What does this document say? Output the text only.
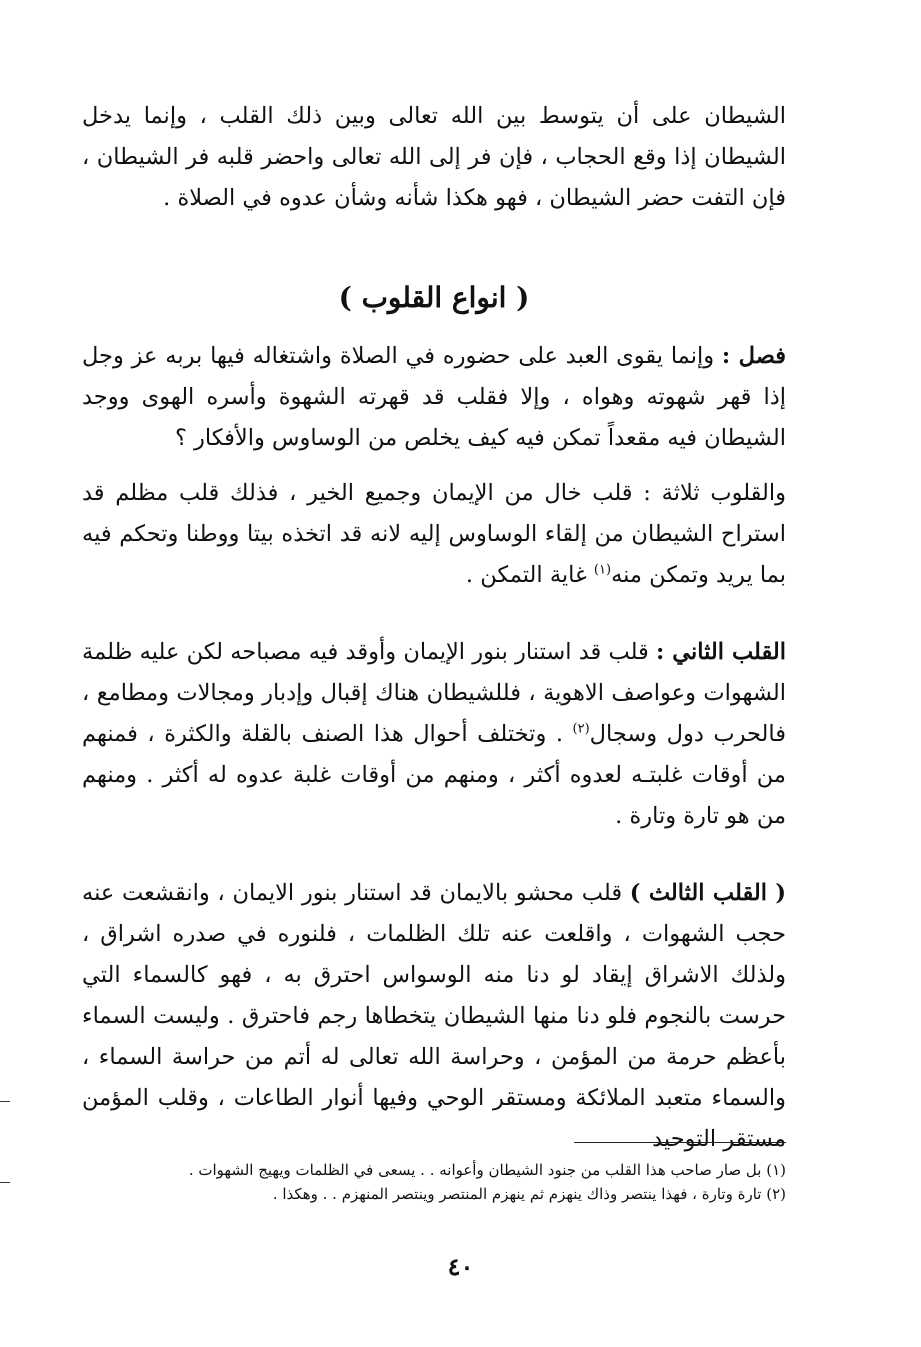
الشيطان على أن يتوسط بين الله تعالى وبين ذلك القلب ، وإنما يدخل الشيطان إذا وقع الحجاب ، فإن فر إلى الله تعالى واحضر قلبه فر الشيطان ، فإن التفت حضر الشيطان ، فهو هكذا شأنه وشأن عدوه في الصلاة .

( انواع القلوب )

فصل : وإنما يقوى العبد على حضوره في الصلاة واشتغاله فيها بربه عز وجل إذا قهر شهوته وهواه ، وإلا فقلب قد قهرته الشهوة وأسره الهوى ووجد الشيطان فيه مقعداً تمكن فيه كيف يخلص من الوساوس والأفكار ؟

والقلوب ثلاثة : قلب خال من الإيمان وجميع الخير ، فذلك قلب مظلم قد استراح الشيطان من إلقاء الوساوس إليه لانه قد اتخذه بيتا ووطنا وتحكم فيه بما يريد وتمكن منه$^{(١)}$ غاية التمكن .

القلب الثاني : قلب قد استنار بنور الإيمان وأوقد فيه مصباحه لكن عليه ظلمة الشهوات وعواصف الاهوية ، فللشيطان هناك إقبال وإدبار ومجالات ومطامع ، فالحرب دول وسجال$^{(٢)}$ . وتختلف أحوال هذا الصنف بالقلة والكثرة ، فمنهم من أوقات غلبتـه لعدوه أكثر ، ومنهم من أوقات غلبة عدوه له أكثر . ومنهم من هو تارة وتارة .

( القلب الثالث ) قلب محشو بالايمان قد استنار بنور الايمان ، وانقشعت عنه حجب الشهوات ، واقلعت عنه تلك الظلمات ، فلنوره في صدره اشراق ، ولذلك الاشراق إيقاد لو دنا منه الوسواس احترق به ، فهو كالسماء التي حرست بالنجوم فلو دنا منها الشيطان يتخطاها رجم فاحترق . وليست السماء بأعظم حرمة من المؤمن ، وحراسة الله تعالى له أتم من حراسة السماء ، والسماء متعبد الملائكة ومستقر الوحي وفيها أنوار الطاعات ، وقلب المؤمن مستقر التوحيد

(١) بل صار صاحب هذا القلب من جنود الشيطان وأعوانه . . يسعى في الظلمات ويهيج الشهوات .
(٢) تارة وتارة ، فهذا ينتصر وذاك ينهزم ثم ينهزم المنتصر وينتصر المنهزم . . وهكذا .
٤٠
